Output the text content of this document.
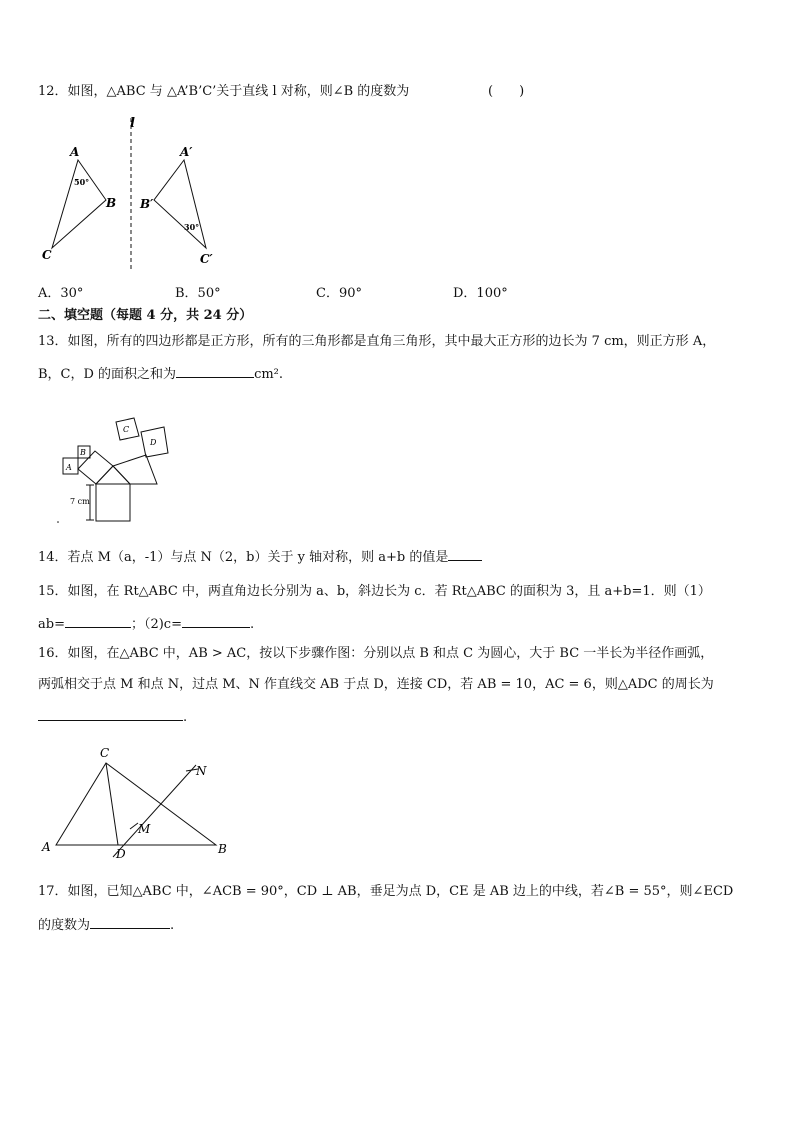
12．如图，△ABC 与 △A’B’C’关于直线 l 对称，则∠B 的度数为	(　　)
l
A
B
C
50°
A′
B′
C′
30°
A．30°	B．50°	C．90°	D．100°
二、填空题（每题 4 分，共 24 分）
13．如图，所有的四边形都是正方形，所有的三角形都是直角三角形，其中最大正方形的边长为 7 cm，则正方形 A，
B，C，D 的面积之和为	cm².
A
B
C
D
7 cm
14．若点 M（a，-1）与点 N（2，b）关于 y 轴对称，则 a+b 的值是
15．如图，在 Rt△ABC 中，两直角边长分别为 a、b，斜边长为 c．若 Rt△ABC 的面积为 3，且 a+b=1．则（1）
ab=	；（2)c=	.
16．如图，在△ABC 中，AB > AC，按以下步骤作图：分别以点 B 和点 C 为圆心，大于 BC 一半长为半径作画弧，
两弧相交于点 M 和点 N，过点 M、N 作直线交 AB 于点 D，连接 CD，若 AB = 10，AC = 6，则△ADC 的周长为
.
C
A	B
D
M
N
17．如图，已知△ABC 中，∠ACB = 90°，CD ⊥ AB，垂足为点 D，CE 是 AB 边上的中线，若∠B = 55°，则∠ECD
的度数为	.
